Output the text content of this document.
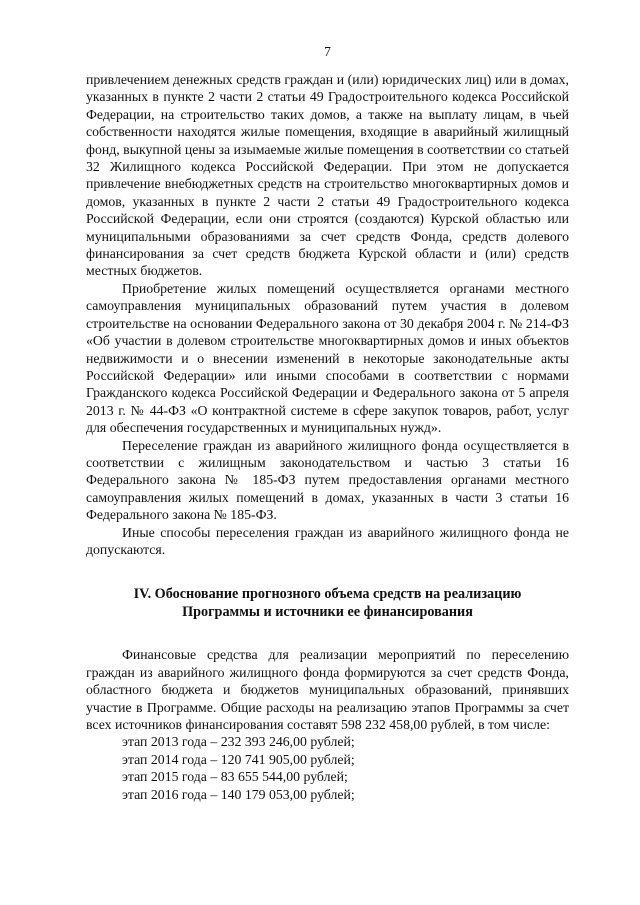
7

привлечением денежных средств граждан и (или) юридических лиц) или в домах, указанных в пункте 2 части 2 статьи 49 Градостроительного кодекса Российской Федерации, на строительство таких домов, а также на выплату лицам, в чьей собственности находятся жилые помещения, входящие в аварийный жилищный фонд, выкупной цены за изымаемые жилые помещения в соответствии со статьей 32 Жилищного кодекса Российской Федерации. При этом не допускается привлечение внебюджетных средств на строительство многоквартирных домов и домов, указанных в пункте 2 части 2 статьи 49 Градостроительного кодекса Российской Федерации, если они строятся (создаются) Курской областью или муниципальными образованиями за счет средств Фонда, средств долевого финансирования за счет средств бюджета Курской области и (или) средств местных бюджетов.

Приобретение жилых помещений осуществляется органами местного самоуправления муниципальных образований путем участия в долевом строительстве на основании Федерального закона от 30 декабря 2004 г. № 214-ФЗ «Об участии в долевом строительстве многоквартирных домов и иных объектов недвижимости и о внесении изменений в некоторые законодательные акты Российской Федерации» или иными способами в соответствии с нормами Гражданского кодекса Российской Федерации и Федерального закона от 5 апреля 2013 г. № 44-ФЗ «О контрактной системе в сфере закупок товаров, работ, услуг для обеспечения государственных и муниципальных нужд».

Переселение граждан из аварийного жилищного фонда осуществляется в соответствии с жилищным законодательством и частью 3 статьи 16 Федерального закона № 185-ФЗ путем предоставления органами местного самоуправления жилых помещений в домах, указанных в части 3 статьи 16 Федерального закона № 185-ФЗ.

Иные способы переселения граждан из аварийного жилищного фонда не допускаются.

IV. Обоснование прогнозного объема средств на реализацию
Программы и источники ее финансирования

Финансовые средства для реализации мероприятий по переселению граждан из аварийного жилищного фонда формируются за счет средств Фонда, областного бюджета и бюджетов муниципальных образований, принявших участие в Программе. Общие расходы на реализацию этапов Программы за счет всех источников финансирования составят 598 232 458,00 рублей, в том числе:

этап 2013 года – 232 393 246,00 рублей;
этап 2014 года – 120 741 905,00 рублей;
этап 2015 года – 83 655 544,00 рублей;
этап 2016 года – 140 179 053,00 рублей;
